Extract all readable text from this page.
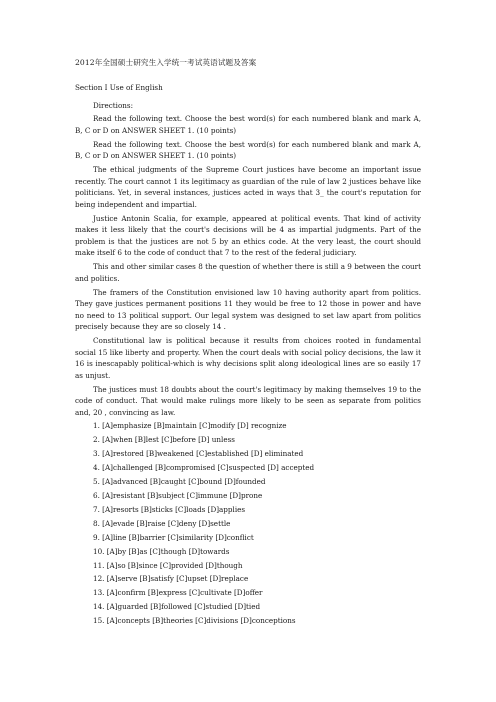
2012年全国硕士研究生入学统一考试英语试题及答案

Section I Use of English

Directions:

Read the following text. Choose the best word(s) for each numbered blank and mark A, B, C or D on ANSWER SHEET 1. (10 points)

Read the following text. Choose the best word(s) for each numbered blank and mark A, B, C or D on ANSWER SHEET 1. (10 points)

The ethical judgments of the Supreme Court justices have become an important issue recently. The court cannot 1 its legitimacy as guardian of the rule of law 2 justices behave like politicians. Yet, in several instances, justices acted in ways that 3_ the court's reputation for being independent and impartial.

Justice Antonin Scalia, for example, appeared at political events. That kind of activity makes it less likely that the court's decisions will be 4 as impartial judgments. Part of the problem is that the justices are not 5 by an ethics code. At the very least, the court should make itself 6 to the code of conduct that 7 to the rest of the federal judiciary.

This and other similar cases 8 the question of whether there is still a 9 between the court and politics.

The framers of the Constitution envisioned law 10 having authority apart from politics. They gave justices permanent positions 11 they would be free to 12 those in power and have no need to 13 political support. Our legal system was designed to set law apart from politics precisely because they are so closely 14 .

Constitutional law is political because it results from choices rooted in fundamental social 15 like liberty and property. When the court deals with social policy decisions, the law it 16 is inescapably political-which is why decisions split along ideological lines are so easily 17 as unjust.

The justices must 18 doubts about the court's legitimacy by making themselves 19 to the code of conduct. That would make rulings more likely to be seen as separate from politics and, 20 , convincing as law.

1. [A]emphasize [B]maintain [C]modify [D] recognize

2. [A]when [B]lest [C]before [D] unless

3. [A]restored [B]weakened [C]established [D] eliminated

4. [A]challenged [B]compromised [C]suspected [D] accepted

5. [A]advanced [B]caught [C]bound [D]founded

6. [A]resistant [B]subject [C]immune [D]prone

7. [A]resorts [B]sticks [C]loads [D]applies

8. [A]evade [B]raise [C]deny [D]settle

9. [A]line [B]barrier [C]similarity [D]conflict

10. [A]by [B]as [C]though [D]towards

11. [A]so [B]since [C]provided [D]though

12. [A]serve [B]satisfy [C]upset [D]replace

13. [A]confirm [B]express [C]cultivate [D]offer

14. [A]guarded [B]followed [C]studied [D]tied

15. [A]concepts [B]theories [C]divisions [D]conceptions
